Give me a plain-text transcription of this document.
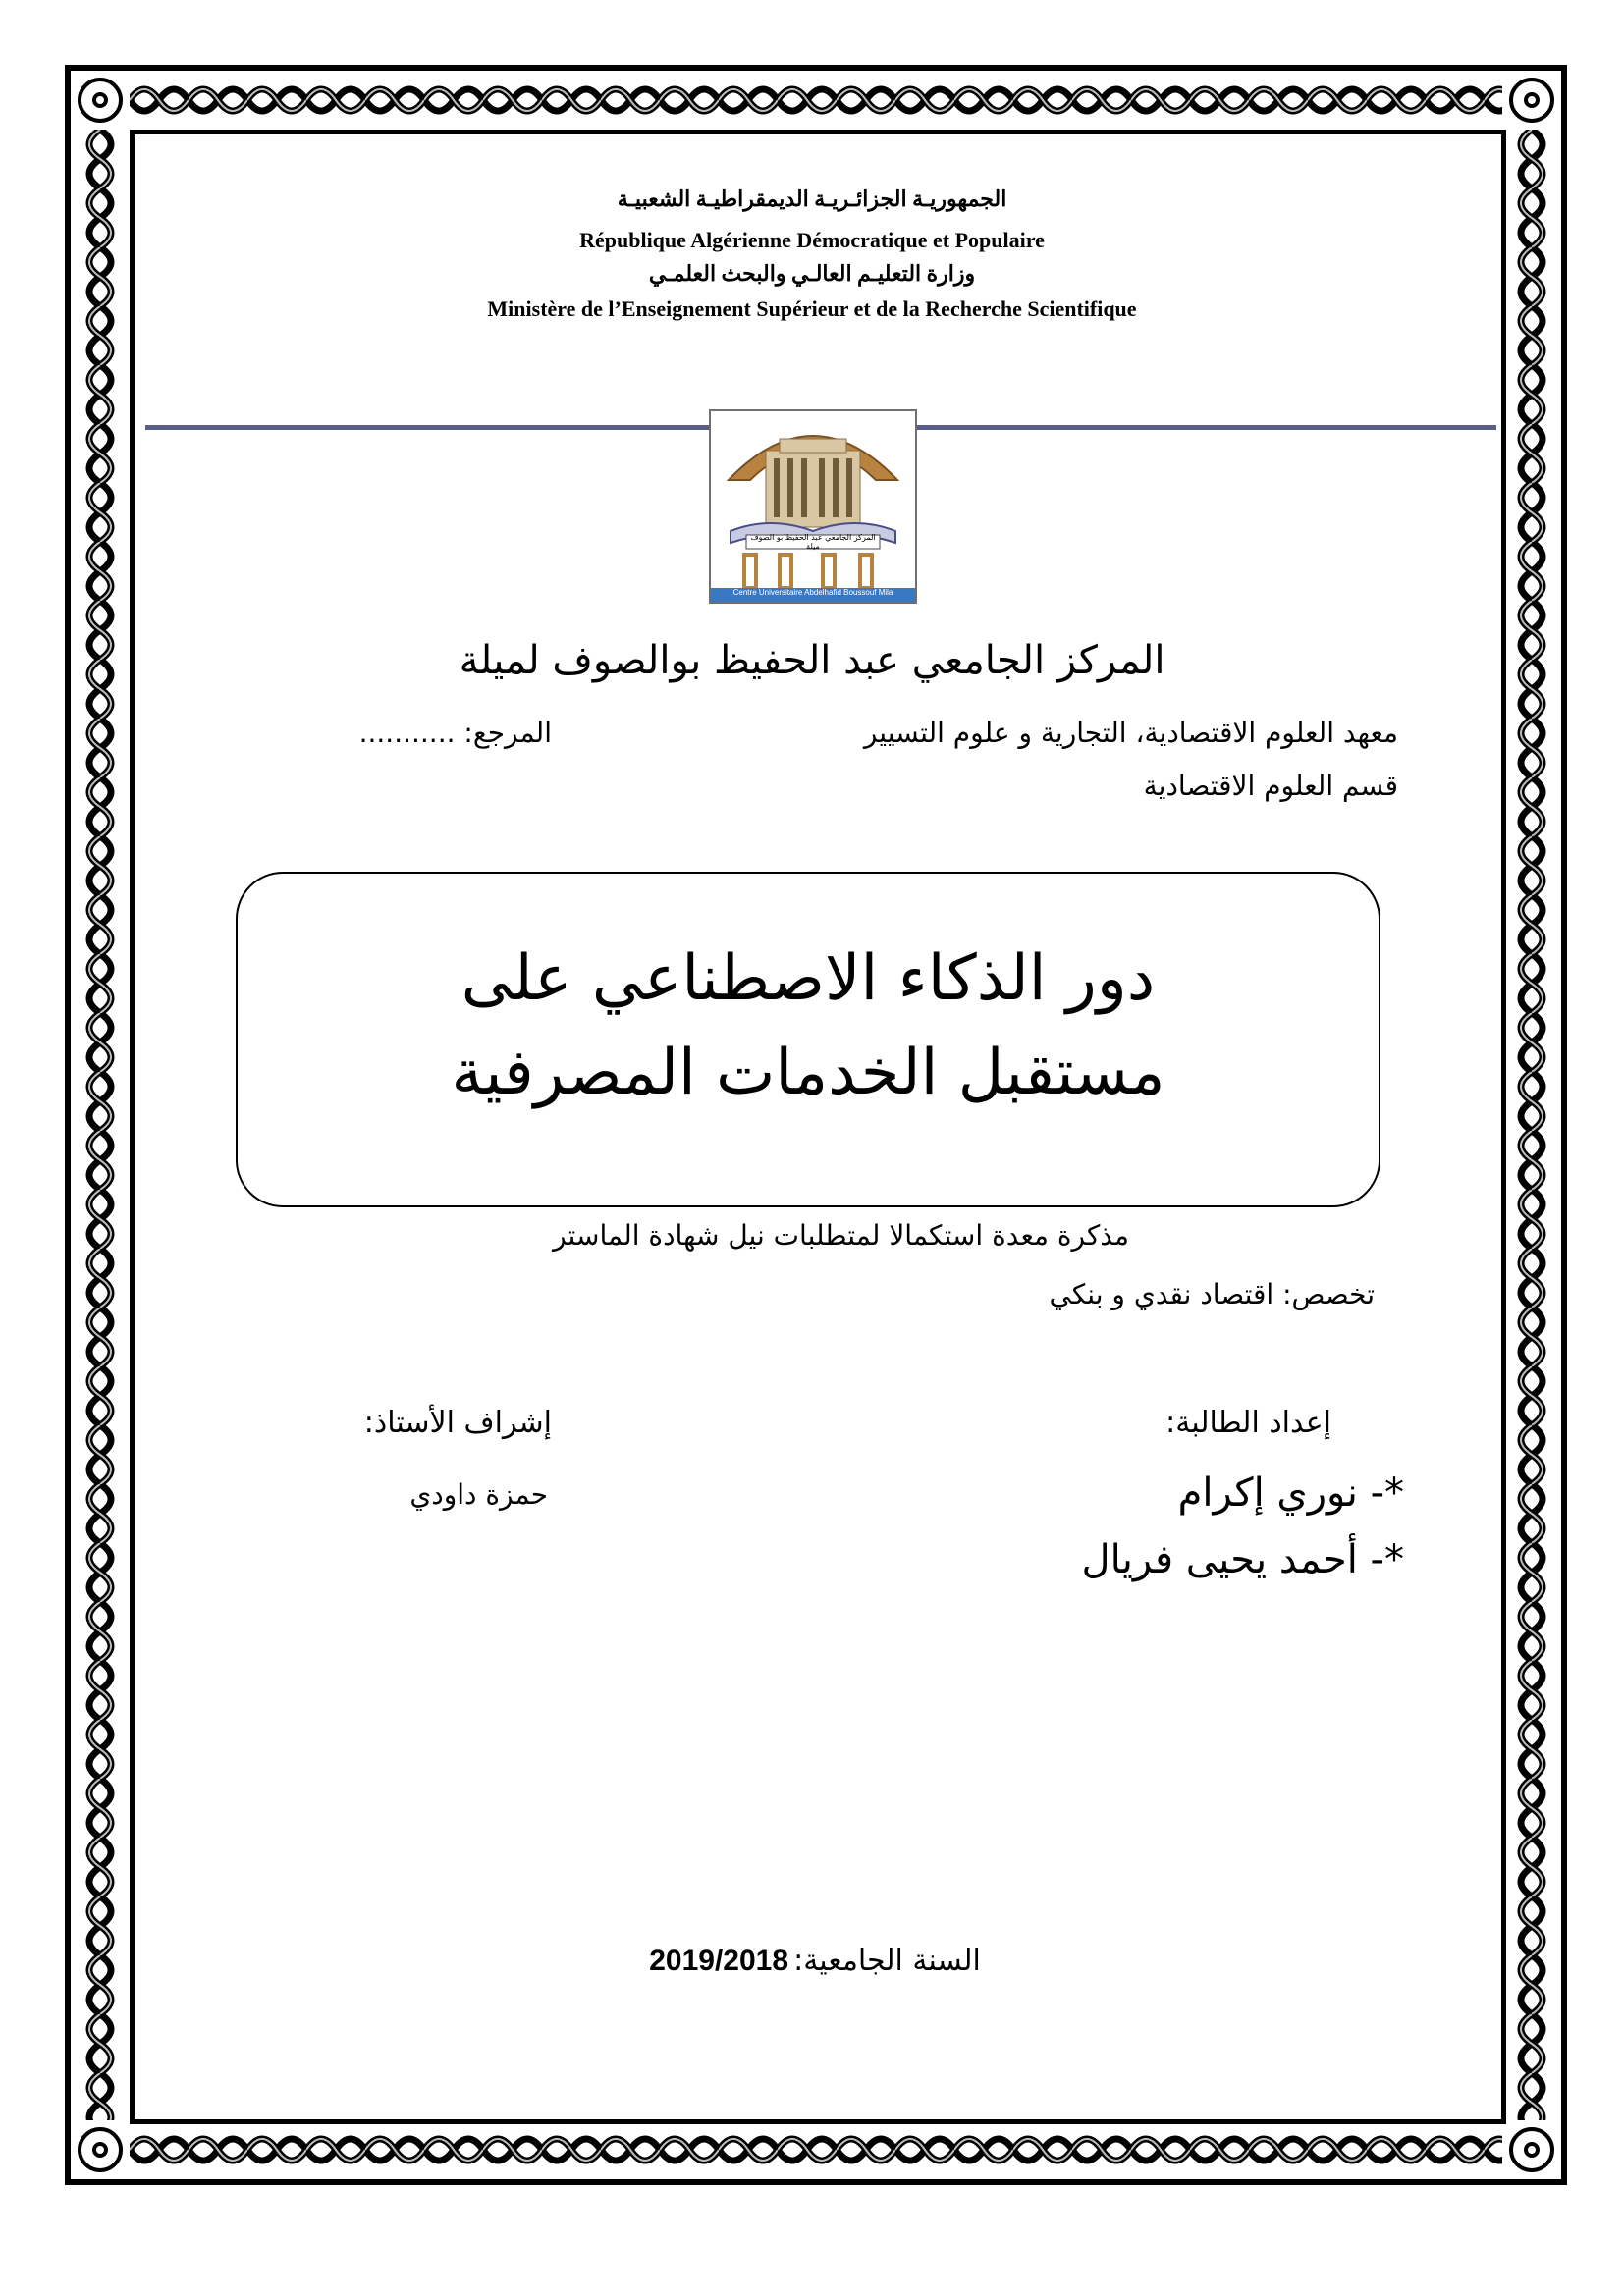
الجمهوريـة الجزائـريـة الديمقراطيـة الشعبيـة
République Algérienne Démocratique et Populaire
وزارة التعليـم العالـي والبحث العلمـي
Ministère de l’Enseignement Supérieur et de la Recherche Scientifique
المركز الجامعي عبد الحفيظ بو الصوف ميلة
Centre Universitaire Abdelhafid Boussouf Mila
المركز الجامعي عبد الحفيظ بوالصوف لميلة
معهد العلوم الاقتصادية، التجارية و علوم التسيير
المرجع: ...........
قسم العلوم الاقتصادية
دور الذكاء الاصطناعي على
مستقبل الخدمات المصرفية
مذكرة معدة استكمالا لمتطلبات نيل شهادة الماستر
تخصص: اقتصاد نقدي و بنكي
إعداد الطالبة:
*- نوري إكرام
*- أحمد يحيى فريال
إشراف الأستاذ:
حمزة داودي
السنة الجامعية: 2019/2018
